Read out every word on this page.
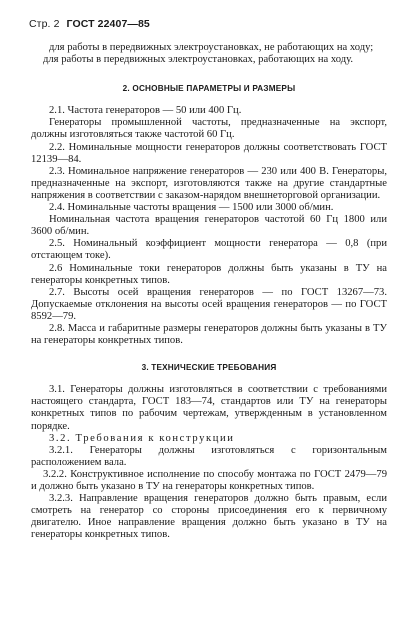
Стр. 2 ГОСТ 22407—85

для работы в передвижных электроустановках, не работающих на ходу;

для работы в передвижных электроустановках, работающих на ходу.

2. ОСНОВНЫЕ ПАРАМЕТРЫ И РАЗМЕРЫ

2.1. Частота генераторов — 50 или 400 Гц.

Генераторы промышленной частоты, предназначенные на экспорт, должны изготовляться также частотой 60 Гц.

2.2. Номинальные мощности генераторов должны соответствовать ГОСТ 12139—84.

2.3. Номинальное напряжение генераторов — 230 или 400 В. Генераторы, предназначенные на экспорт, изготовляются также на другие стандартные напряжения в соответствии с заказом-нарядом внешнеторговой организации.

2.4. Номинальные частоты вращения — 1500 или 3000 об/мин.

Номинальная частота вращения генераторов частотой 60 Гц 1800 или 3600 об/мин.

2.5. Номинальный коэффициент мощности генератора — 0,8 (при отстающем токе).

2.6 Номинальные токи генераторов должны быть указаны в ТУ на генераторы конкретных типов.

2.7. Высоты осей вращения генераторов — по ГОСТ 13267—73. Допускаемые отклонения на высоты осей вращения генераторов — по ГОСТ 8592—79.

2.8. Масса и габаритные размеры генераторов должны быть указаны в ТУ на генераторы конкретных типов.

3. ТЕХНИЧЕСКИЕ ТРЕБОВАНИЯ

3.1. Генераторы должны изготовляться в соответствии с требованиями настоящего стандарта, ГОСТ 183—74, стандартов или ТУ на генераторы конкретных типов по рабочим чертежам, утвержденным в установленном порядке.

3.2. Требования к конструкции

3.2.1. Генераторы должны изготовляться с горизонтальным расположением вала.

3.2.2. Конструктивное исполнение по способу монтажа по ГОСТ 2479—79 и должно быть указано в ТУ на генераторы конкретных типов.

3.2.3. Направление вращения генераторов должно быть правым, если смотреть на генератор со стороны присоединения его к первичному двигателю. Иное направление вращения должно быть указано в ТУ на генераторы конкретных типов.
